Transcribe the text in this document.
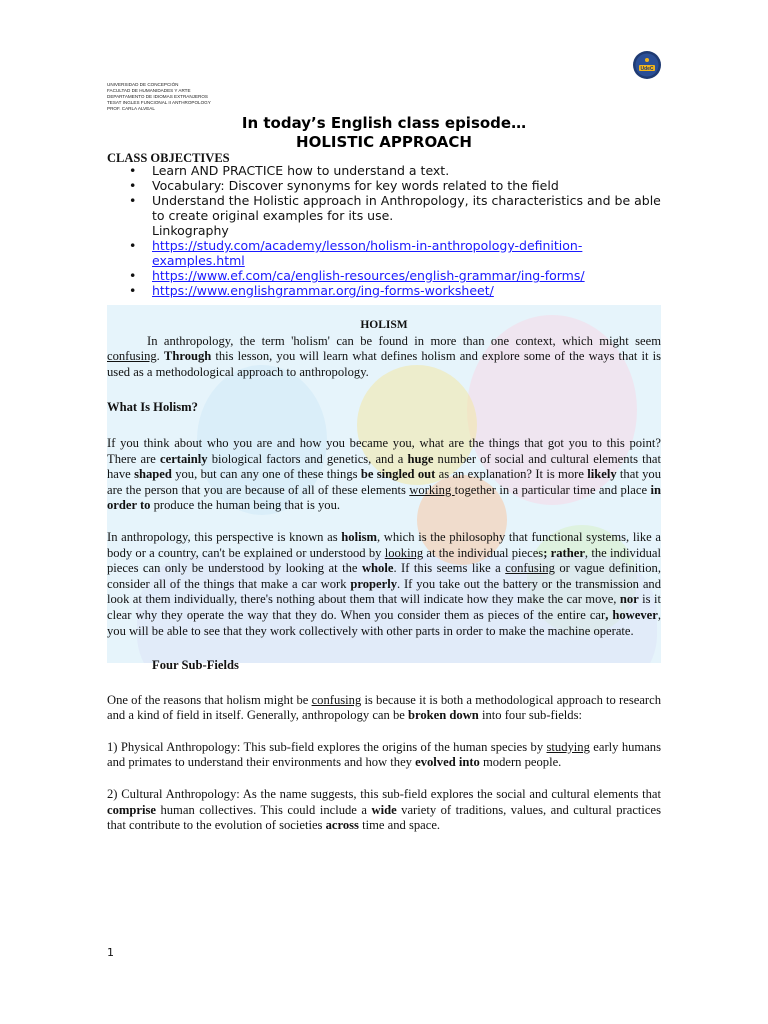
UNIVERSIDAD DE CONCEPCIÓN
FACULTAD DE HUMANIDADES Y ARTE
DEPARTAMENTO DE IDIOMAS EXTRANJEROS
TESAT INGLES FUNCIONAL II ANTHROPOLOGY
PROF. CARLA ALVEAL
UdeC
In today’s English class episode…
HOLISTIC APPROACH
CLASS OBJECTIVES
• Learn AND PRACTICE how to understand a text.
• Vocabulary: Discover synonyms for key words related to the field
• Understand the Holistic approach in Anthropology, its characteristics and be able to create original examples for its use.
Linkography
• https://study.com/academy/lesson/holism-in-anthropology-definition-examples.html
• https://www.ef.com/ca/english-resources/english-grammar/ing-forms/
• https://www.englishgrammar.org/ing-forms-worksheet/

HOLISM

In anthropology, the term 'holism' can be found in more than one context, which might seem confusing. Through this lesson, you will learn what defines holism and explore some of the ways that it is used as a methodological approach to anthropology.

What Is Holism?

If you think about who you are and how you became you, what are the things that got you to this point? There are certainly biological factors and genetics, and a huge number of social and cultural elements that have shaped you, but can any one of these things be singled out as an explanation? It is more likely that you are the person that you are because of all of these elements working together in a particular time and place in order to produce the human being that is you.

In anthropology, this perspective is known as holism, which is the philosophy that functional systems, like a body or a country, can't be explained or understood by looking at the individual pieces; rather, the individual pieces can only be understood by looking at the whole. If this seems like a confusing or vague definition, consider all of the things that make a car work properly. If you take out the battery or the transmission and look at them individually, there's nothing about them that will indicate how they make the car move, nor is it clear why they operate the way that they do. When you consider them as pieces of the entire car, however, you will be able to see that they work collectively with other parts in order to make the machine operate.

Four Sub-Fields

One of the reasons that holism might be confusing is because it is both a methodological approach to research and a kind of field in itself. Generally, anthropology can be broken down into four sub-fields:

1) Physical Anthropology: This sub-field explores the origins of the human species by studying early humans and primates to understand their environments and how they evolved into modern people.

2) Cultural Anthropology: As the name suggests, this sub-field explores the social and cultural elements that comprise human collectives. This could include a wide variety of traditions, values, and cultural practices that contribute to the evolution of societies across time and space.

1
